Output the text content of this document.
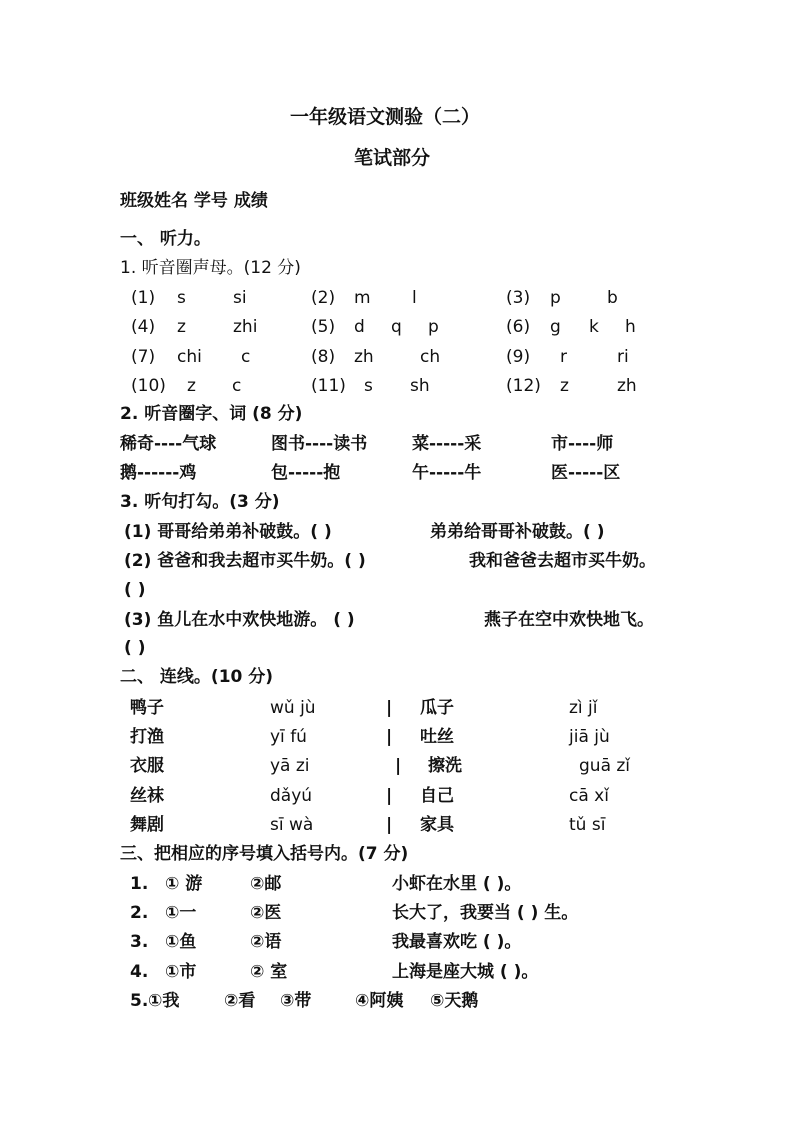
一年级语文测验（二）
笔试部分
班级姓名 学号 成绩
一、 听力。
1. 听音圈声母。(12 分)
(1) s	si	(2) m l	(3) p	b
(4) z	zhi	(5) d q p	(6) g k h
(7) chi c	(8) zh	ch	(9) r	ri
(10) z c	(11) s sh	(12) z	zh
2. 听音圈字、词 (8 分)
稀奇----气球	图书----读书	菜-----采	市----师
鹅------鸡	包-----抱	午-----牛	医-----区
3. 听句打勾。(3 分)
(1) 哥哥给弟弟补破鼓。( )	弟弟给哥哥补破鼓。( )
(2) 爸爸和我去超市买牛奶。( )	我和爸爸去超市买牛奶。
( )
(3) 鱼儿在水中欢快地游。 ( )	燕子在空中欢快地飞。
( )
二、 连线。(10 分)
鸭子	wǔ jù	| 瓜子	zì jǐ
打渔	yī fú	| 吐丝	jiā jù
衣服	yā zi	| 擦洗	guā zǐ
丝袜	dǎyú	| 自己	cā xǐ
舞剧	sī wà	| 家具	tǔ sī
三、把相应的序号填入括号内。(7 分)
1. ① 游	②邮	小虾在水里 ( )。
2. ①一	②医	长大了，我要当 ( ) 生。
3. ①鱼	②语	我最喜欢吃 ( )。
4. ①市	② 室	上海是座大城 ( )。
5. ①我	②看 ③带	④阿姨 ⑤天鹅
